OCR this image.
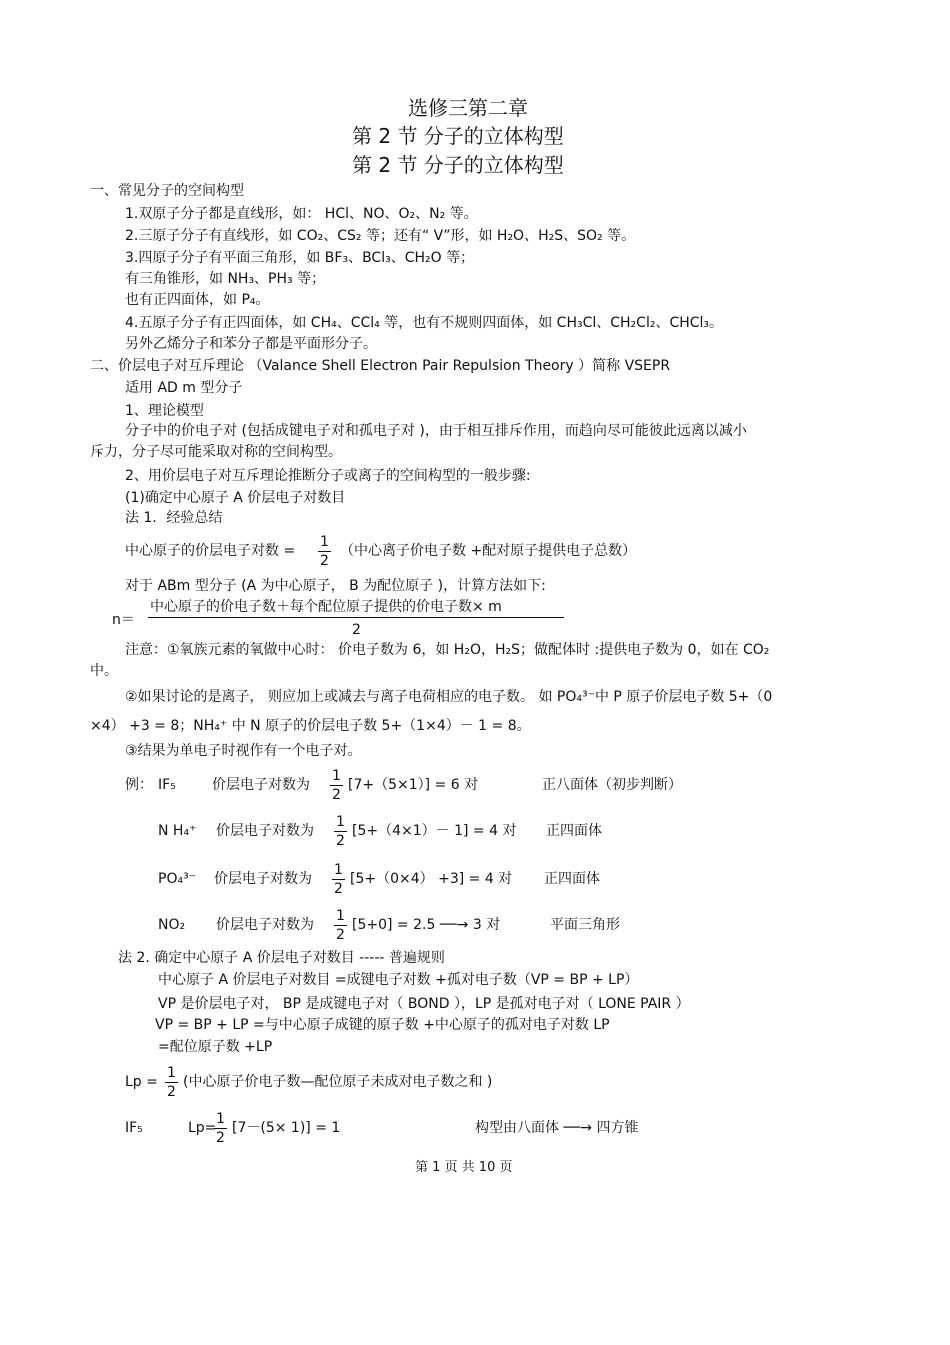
选修三第二章
第 2 节 分子的立体构型
第 2 节 分子的立体构型
一、常见分子的空间构型
1.双原子分子都是直线形，如： HCl、NO、O₂、N₂ 等。
2.三原子分子有直线形，如 CO₂、CS₂ 等；还有“ V”形，如 H₂O、H₂S、SO₂ 等。
3.四原子分子有平面三角形，如 BF₃、BCl₃、CH₂O 等；
有三角锥形，如 NH₃、PH₃ 等；
也有正四面体，如 P₄。
4.五原子分子有正四面体，如 CH₄、CCl₄ 等，也有不规则四面体，如 CH₃Cl、CH₂Cl₂、CHCl₃。
另外乙烯分子和苯分子都是平面形分子。
二、价层电子对互斥理论 （Valance Shell Electron Pair Repulsion Theory ）简称 VSEPR
适用 AD m 型分子
1、理论模型
分子中的价电子对 (包括成键电子对和孤电子对 )，由于相互排斥作用，而趋向尽可能彼此远离以减小
斥力，分子尽可能采取对称的空间构型。
2、用价层电子对互斥理论推断分子或离子的空间构型的一般步骤:
(1)确定中心原子 A 价层电子对数目
法 1．经验总结
中心原子的价层电子对数 = $\frac{1}{2}$ （中心离子价电子数 +配对原子提供电子总数）
对于 ABm 型分子 (A 为中心原子， B 为配位原子 )，计算方法如下:
中心原子的价电子数＋每个配位原子提供的价电子数× m
n＝
2
注意：①氧族元素的氧做中心时： 价电子数为 6，如 H₂O，H₂S；做配体时 :提供电子数为 0，如在 CO₂
中。
②如果讨论的是离子， 则应加上或减去与离子电荷相应的电子数。 如 PO₄³⁻中 P 原子价层电子数 5+（0
×4） +3 = 8；NH₄⁺ 中 N 原子的价层电子数 5+（1×4）－ 1 = 8。
③结果为单电子时视作有一个电子对。
例： IF₅	价层电子对数为 $\frac{1}{2} [7+(5\times 1)] = 6$ 对	正八面体（初步判断）
N H₄⁺ 价层电子对数为 $\frac{1}{2} [5+(4\times 1)- 1] = 4$ 对 正四面体
PO₄³⁻ 价层电子对数为 $\frac{1}{2} [5+(0\times 4) +3] = 4$ 对 正四面体
NO₂ 价层电子对数为 $\frac{1}{2} [5+0] = 2.5$ ──→ 3 对	平面三角形
法 2. 确定中心原子 A 价层电子对数目 ----- 普遍规则
中心原子 A 价层电子对数目 =成键电子对数 +孤对电子数（VP = BP + LP）
VP 是价层电子对， BP 是成键电子对（ BOND ），LP 是孤对电子对（ LONE PAIR ）
VP = BP + LP =与中心原子成键的原子数 +中心原子的孤对电子对数 LP
=配位原子数 +LP
$Lp = \frac{1}{2}$ (中心原子价电子数—配位原子未成对电子数之和 )
IF₅	Lp=
$\frac{1}{2} [7-(5\times 1)] = 1$	构型由八面体 ──→ 四方锥
第 1 页 共 10 页
